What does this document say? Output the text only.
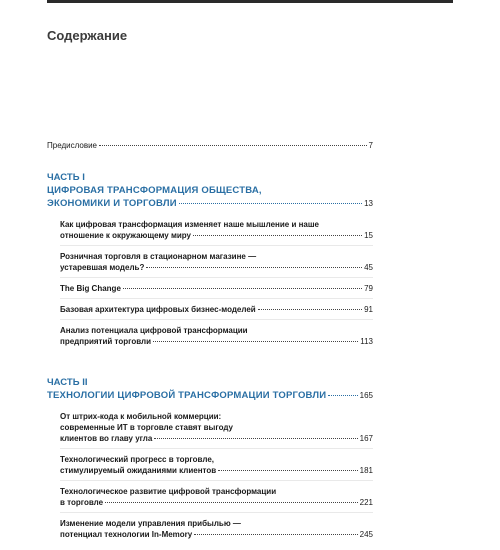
Содержание
Предисловие	7
ЧАСТЬ I
ЦИФРОВАЯ ТРАНСФОРМАЦИЯ ОБЩЕСТВА,
ЭКОНОМИКИ И ТОРГОВЛИ	13
Как цифровая трансформация изменяет наше мышление и наше
отношение к окружающему миру	15
Розничная торговля в стационарном магазине —
устаревшая модель?	45
The Big Change	79
Базовая архитектура цифровых бизнес-моделей	91
Анализ потенциала цифровой трансформации
предприятий торговли	113
ЧАСТЬ II
ТЕХНОЛОГИИ ЦИФРОВОЙ ТРАНСФОРМАЦИИ ТОРГОВЛИ	165
От штрих-кода к мобильной коммерции:
современные ИТ в торговле ставят выгоду
клиентов во главу угла	167
Технологический прогресс в торговле,
стимулируемый ожиданиями клиентов	181
Технологическое развитие цифровой трансформации
в торговле	221
Изменение модели управления прибылью —
потенциал технологии In-Memory	245
